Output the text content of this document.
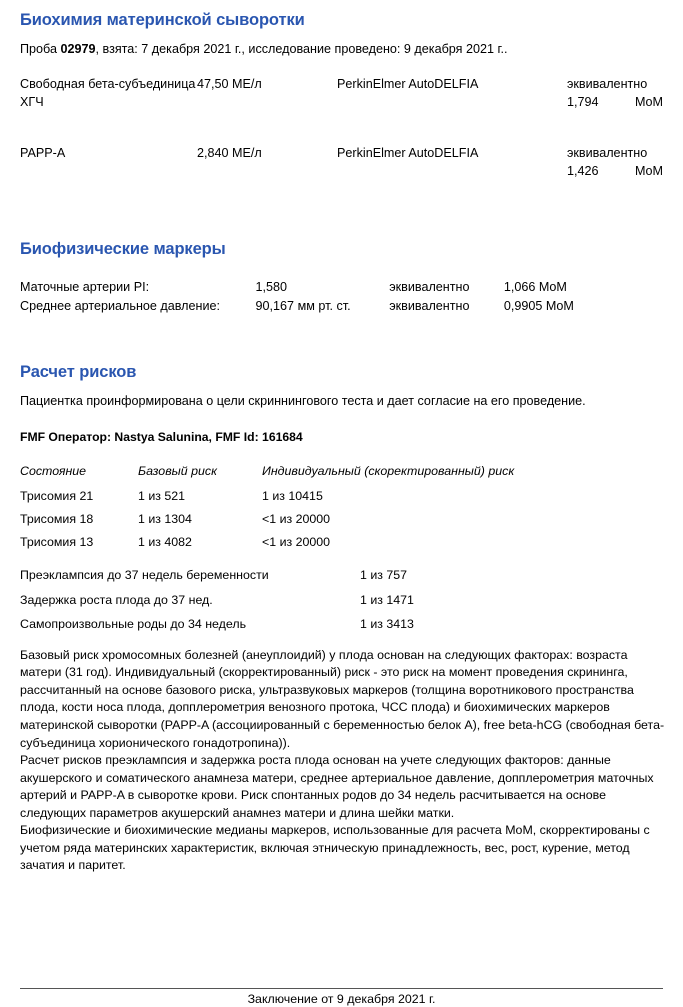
Биохимия материнской сыворотки
Проба 02979, взята: 7 декабря 2021 г., исследование проведено: 9 декабря 2021 г..
Свободная бета-субъединица ХГЧ	47,50 МЕ/л	PerkinElmer AutoDELFIA	эквивалентно 1,794 MoM
PAPP-A	2,840 МЕ/л	PerkinElmer AutoDELFIA	эквивалентно 1,426 MoM
Биофизические маркеры
Маточные артерии PI:	1,580	эквивалентно	1,066 MoM
Среднее артериальное давление:	90,167 мм рт. ст.	эквивалентно	0,9905 MoM
Расчет рисков
Пациентка проинформирована о цели скриннингового теста и дает согласие на его проведение.
FMF Оператор: Nastya Salunina, FMF Id: 161684
Состояние	Базовый риск	Индивидуальный (скоректированный) риск
Трисомия 21	1 из 521	1 из 10415
Трисомия 18	1 из 1304	<1 из 20000
Трисомия 13	1 из 4082	<1 из 20000
Преэклампсия до 37 недель беременности	1 из 757
Задержка роста плода до 37 нед.	1 из 1471
Самопроизвольные роды до 34 недель	1 из 3413

Базовый риск хромосомных болезней (анеуплоидий) у плода основан на следующих факторах: возраста матери (31 год). Индивидуальный (скорректированный) риск - это риск на момент проведения скрининга, рассчитанный на основе базового риска, ультразвуковых маркеров (толщина воротникового пространства плода, кости носа плода, допплерометрия венозного протока, ЧСС плода) и биохимических маркеров материнской сыворотки (PAPP-A (ассоциированный с беременностью белок А), free beta-hCG (свободная бета-субъединица хорионического гонадотропина)).

Расчет рисков преэклампсия и задержка роста плода основан на учете следующих факторов: данные акушерского и соматического анамнеза матери, среднее артериальное давление, допплерометрия маточных артерий и PAPP-A в сыворотке крови. Риск спонтанных родов до 34 недель расчитывается на основе следующих параметров акушерский анамнез матери и длина шейки матки.

Биофизические и биохимические медианы маркеров, использованные для расчета MoM, скорректированы с учетом ряда материнских характеристик, включая этническую принадлежность, вес, рост, курение, метод зачатия и паритет.

Заключение от 9 декабря 2021 г.
